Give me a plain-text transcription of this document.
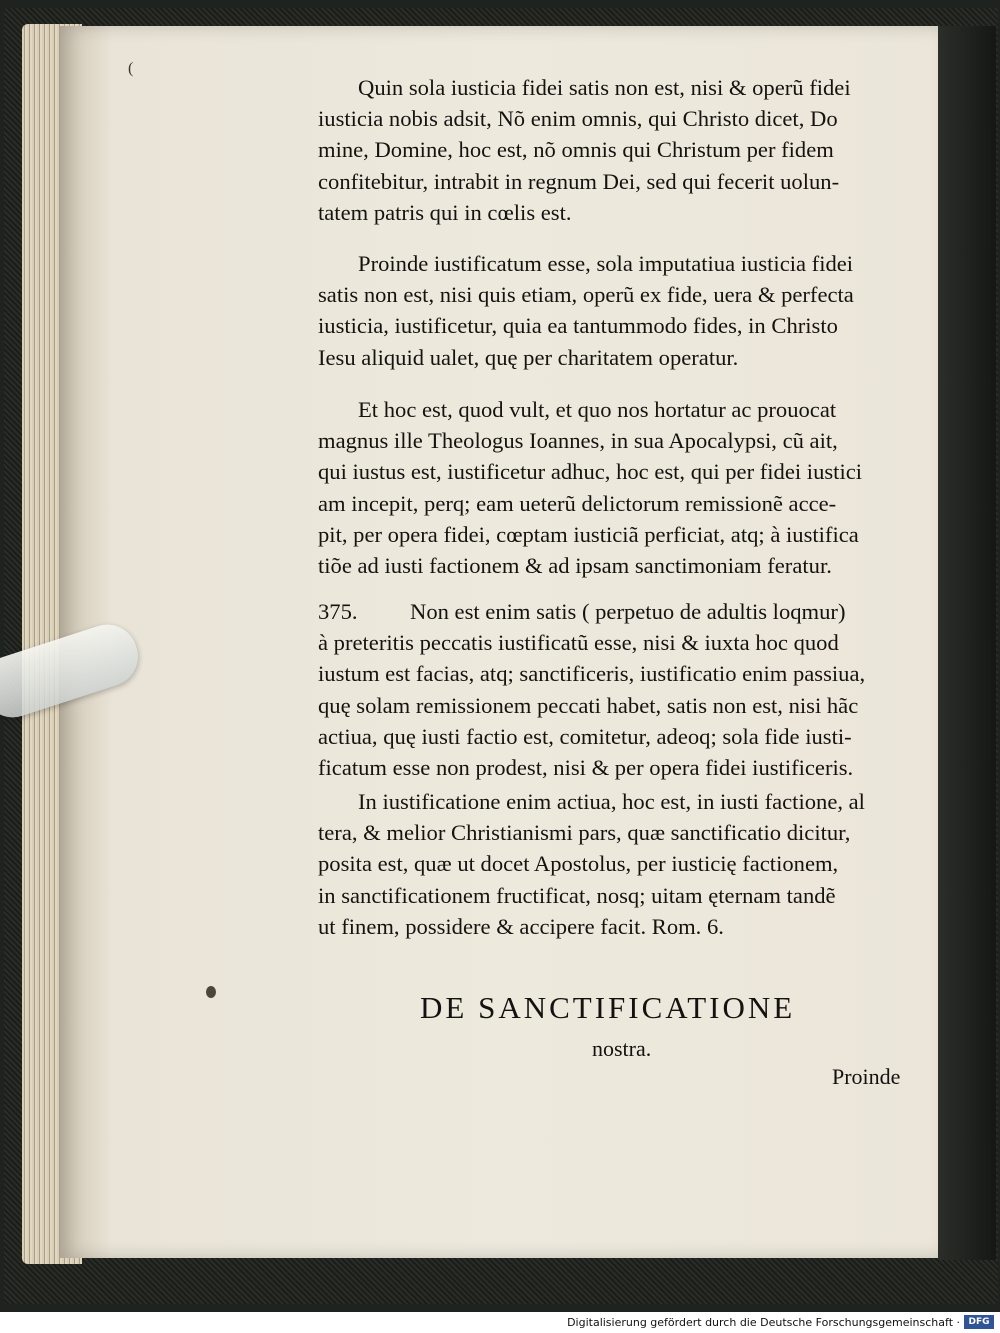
(
Quin sola iusticia fidei satis non est, nisi & operũ fidei
iusticia nobis adsit, Nõ enim omnis, qui Christo dicet, Do
mine, Domine, hoc est, nõ omnis qui Christum per fidem
confitebitur, intrabit in regnum Dei, sed qui fecerit uolun-
tatem patris qui in cœlis est.
Proinde iustificatum esse, sola imputatiua iusticia fidei
satis non est, nisi quis etiam, operũ ex fide, uera & perfecta
iusticia, iustificetur, quia ea tantummodo fides, in Christo
Iesu aliquid ualet, quę per charitatem operatur.
Et hoc est, quod vult, et quo nos hortatur ac prouocat
magnus ille Theologus Ioannes, in sua Apocalypsi, cũ ait,
qui iustus est, iustificetur adhuc, hoc est, qui per fidei iustici
am incepit, perq; eam ueterũ delictorum remissionẽ acce-
pit, per opera fidei, cœptam iusticiã perficiat, atq; à iustifica
tiõe ad iusti factionem & ad ipsam sanctimoniam feratur.
375. Non est enim satis ( perpetuo de adultis loqmur)
à preteritis peccatis iustificatũ esse, nisi & iuxta hoc quod
iustum est facias, atq; sanctificeris, iustificatio enim passiua,
quę solam remissionem peccati habet, satis non est, nisi hãc
actiua, quę iusti factio est, comitetur, adeoq; sola fide iusti-
ficatum esse non prodest, nisi & per opera fidei iustificeris.
In iustificatione enim actiua, hoc est, in iusti factione, al
tera, & melior Christianismi pars, quæ sanctificatio dicitur,
posita est, quæ ut docet Apostolus, per iusticię factionem,
in sanctificationem fructificat, nosq; uitam ęternam tandẽ
ut finem, possidere & accipere facit. Rom. 6.
DE SANCTIFICATIONE
nostra.
Proinde
Digitalisierung gefördert durch die Deutsche Forschungsgemeinschaft · DFG
